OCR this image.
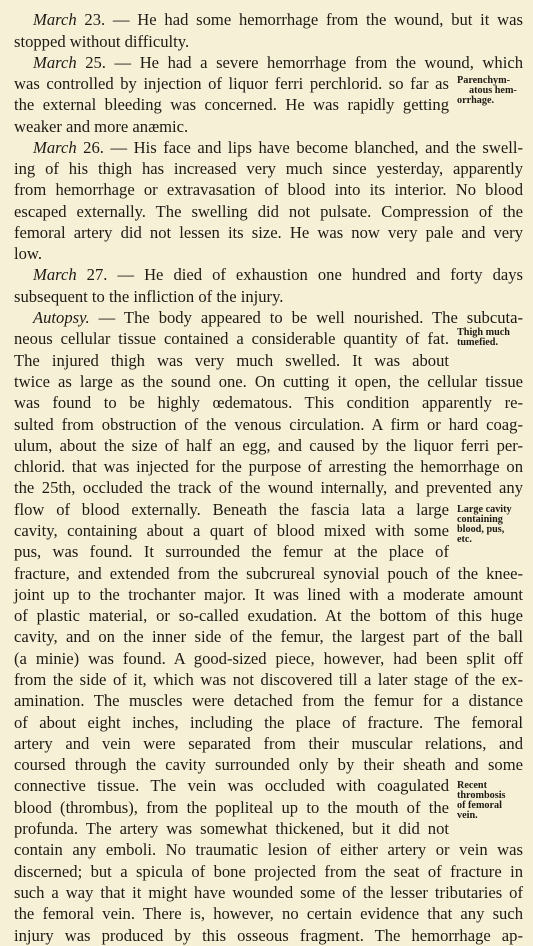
March 23. — He had some hemorrhage from the wound, but it was
stopped without difficulty.
March 25. — He had a severe hemorrhage from the wound, which
was controlled by injection of liquor ferri perchlorid. so far as
the external bleeding was concerned. He was rapidly getting
weaker and more anæmic.
March 26. — His face and lips have become blanched, and the swell-
ing of his thigh has increased very much since yesterday, apparently
from hemorrhage or extravasation of blood into its interior. No blood
escaped externally. The swelling did not pulsate. Compression of the
femoral artery did not lessen its size. He was now very pale and very
low.
March 27. — He died of exhaustion one hundred and forty days
subsequent to the infliction of the injury.
Autopsy. — The body appeared to be well nourished. The subcuta-
neous cellular tissue contained a considerable quantity of fat.
The injured thigh was very much swelled. It was about
twice as large as the sound one. On cutting it open, the cellular tissue
was found to be highly œdematous. This condition apparently re-
sulted from obstruction of the venous circulation. A firm or hard coag-
ulum, about the size of half an egg, and caused by the liquor ferri per-
chlorid. that was injected for the purpose of arresting the hemorrhage on
the 25th, occluded the track of the wound internally, and prevented any
flow of blood externally. Beneath the fascia lata a large
cavity, containing about a quart of blood mixed with some
pus, was found. It surrounded the femur at the place of
fracture, and extended from the subcrureal synovial pouch of the knee-
joint up to the trochanter major. It was lined with a moderate amount
of plastic material, or so-called exudation. At the bottom of this huge
cavity, and on the inner side of the femur, the largest part of the ball
(a minie) was found. A good-sized piece, however, had been split off
from the side of it, which was not discovered till a later stage of the ex-
amination. The muscles were detached from the femur for a distance
of about eight inches, including the place of fracture. The femoral
artery and vein were separated from their muscular relations, and
coursed through the cavity surrounded only by their sheath and some
connective tissue. The vein was occluded with coagulated
blood (thrombus), from the popliteal up to the mouth of the
profunda. The artery was somewhat thickened, but it did not
contain any emboli. No traumatic lesion of either artery or vein was
discerned; but a spicula of bone projected from the seat of fracture in
such a way that it might have wounded some of the lesser tributaries of
the femoral vein. There is, however, no certain evidence that any such
injury was produced by this osseous fragment. The hemorrhage ap-
Parenchym-
atous hem-
orrhage.
Thigh much
tumefied.
Large cavity
containing
blood, pus,
etc.
Recent
thrombosis
of femoral
vein.
